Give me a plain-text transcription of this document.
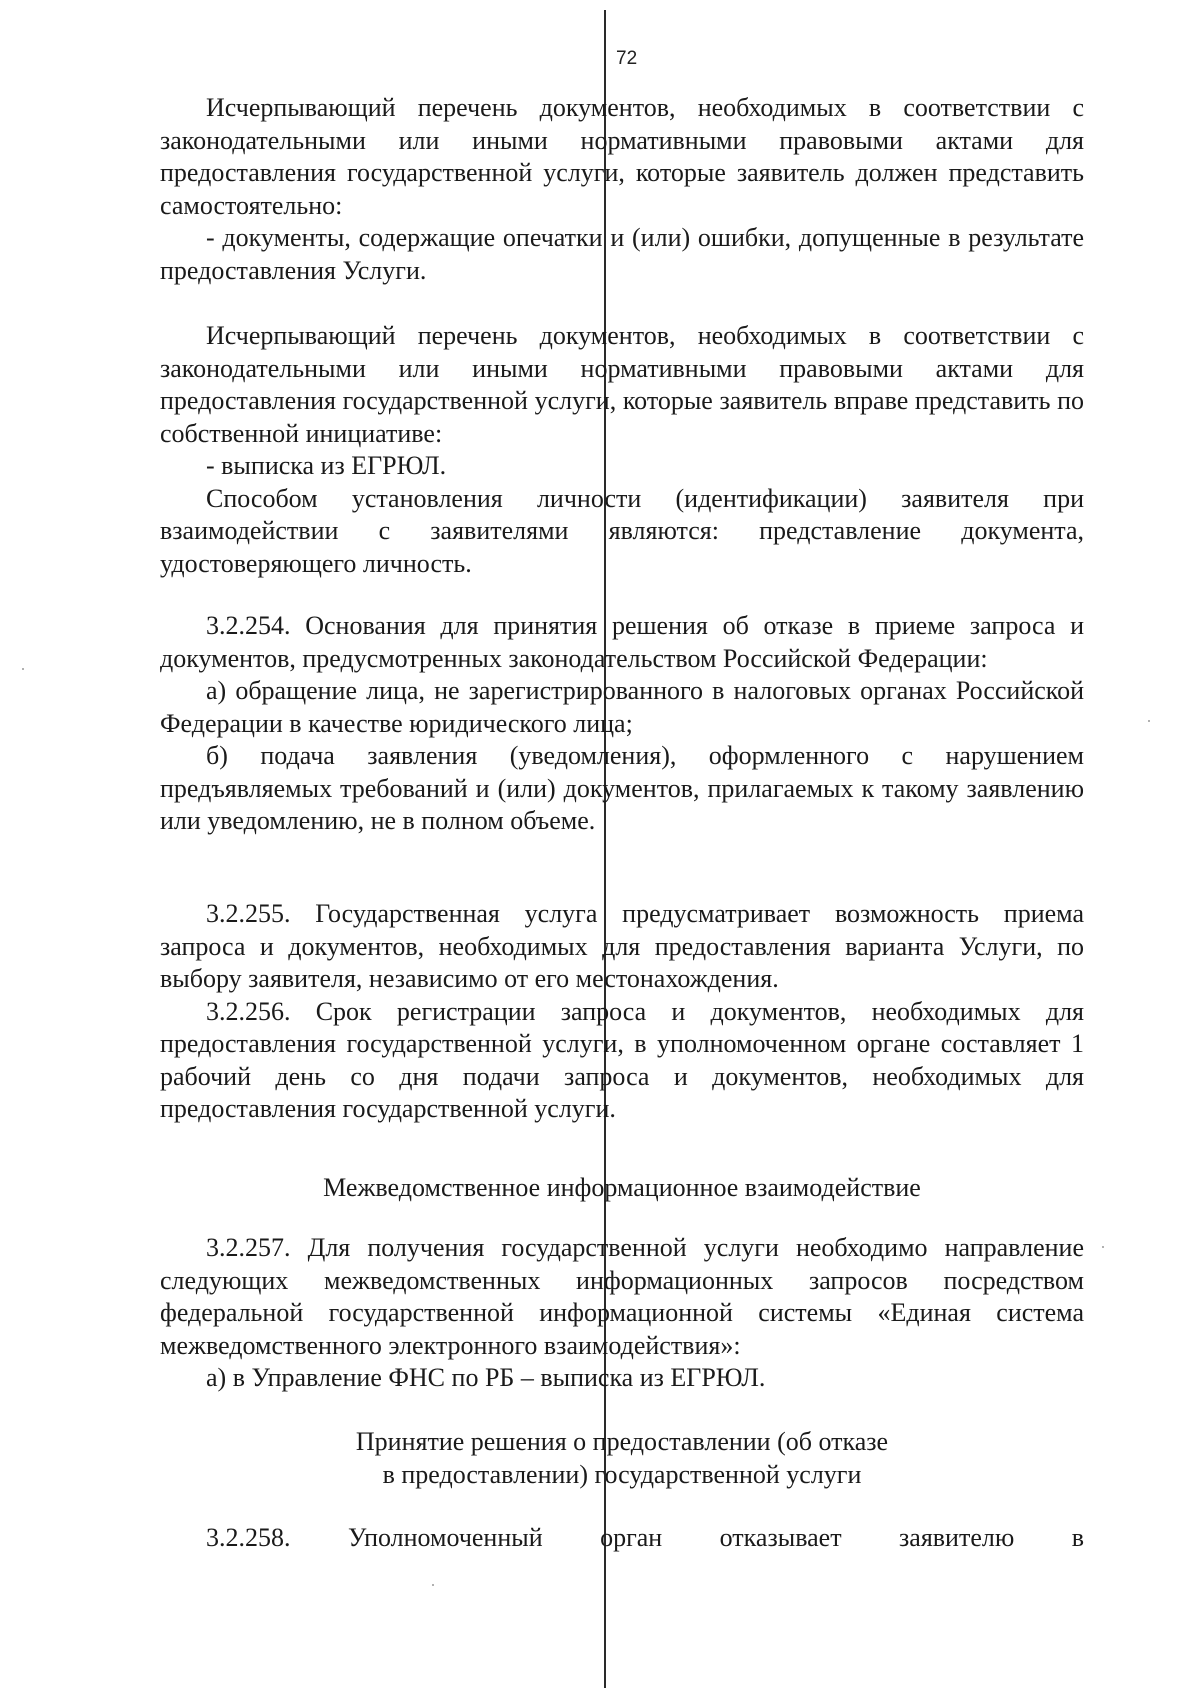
72

Исчерпывающий перечень документов, необходимых в соответствии с законодательными или иными нормативными правовыми актами для предоставления государственной услуги, которые заявитель должен представить самостоятельно:

- документы, содержащие опечатки и (или) ошибки, допущенные в результате предоставления Услуги.

Исчерпывающий перечень документов, необходимых в соответствии с законодательными или иными нормативными правовыми актами для предоставления государственной услуги, которые заявитель вправе представить по собственной инициативе:

- выписка из ЕГРЮЛ.

Способом установления личности (идентификации) заявителя при взаимодействии с заявителями являются: представление документа, удостоверяющего личность.

3.2.254. Основания для принятия решения об отказе в приеме запроса и документов, предусмотренных законодательством Российской Федерации:

а) обращение лица, не зарегистрированного в налоговых органах Российской Федерации в качестве юридического лица;

б) подача заявления (уведомления), оформленного с нарушением предъявляемых требований и (или) документов, прилагаемых к такому заявлению или уведомлению, не в полном объеме.

3.2.255. Государственная услуга предусматривает возможность приема запроса и документов, необходимых для предоставления варианта Услуги, по выбору заявителя, независимо от его местонахождения.

3.2.256. Срок регистрации запроса и документов, необходимых для предоставления государственной услуги, в уполномоченном органе составляет 1 рабочий день со дня подачи запроса и документов, необходимых для предоставления государственной услуги.

Межведомственное информационное взаимодействие

3.2.257. Для получения государственной услуги необходимо направление следующих межведомственных информационных запросов посредством федеральной государственной информационной системы «Единая система межведомственного электронного взаимодействия»:

а) в Управление ФНС по РБ – выписка из ЕГРЮЛ.

Принятие решения о предоставлении (об отказе

в предоставлении) государственной услуги

3.2.258. Уполномоченный орган отказывает заявителю в
